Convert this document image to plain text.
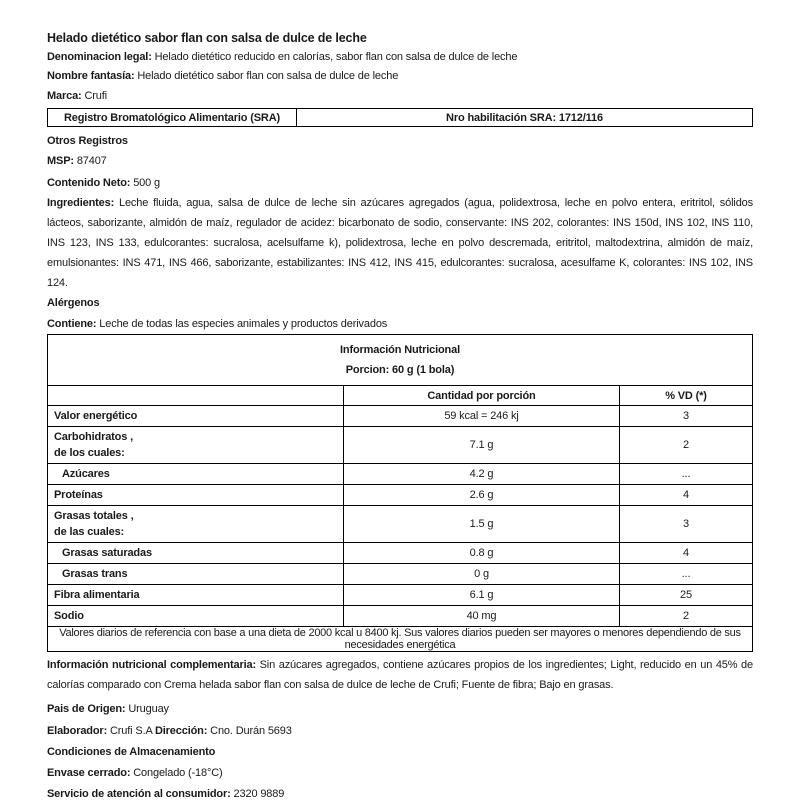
Helado dietético sabor flan con salsa de dulce de leche

Denominacion legal: Helado dietético reducido en calorías, sabor flan con salsa de dulce de leche

Nombre fantasía: Helado dietético sabor flan con salsa de dulce de leche

Marca: Crufi

Registro Bromatológico Alimentario (SRA)	Nro habilitación SRA: 1712/116

Otros Registros

MSP: 87407

Contenido Neto: 500 g

Ingredientes: Leche fluida, agua, salsa de dulce de leche sin azúcares agregados (agua, polidextrosa, leche en polvo entera, eritritol, sólidos lácteos, saborizante, almidón de maíz, regulador de acidez: bicarbonato de sodio, conservante: INS 202, colorantes: INS 150d, INS 102, INS 110, INS 123, INS 133, edulcorantes: sucralosa, acelsulfame k), polidextrosa, leche en polvo descremada, eritritol, maltodextrina, almidón de maíz, emulsionantes: INS 471, INS 466, saborizante, estabilizantes: INS 412, INS 415, edulcorantes: sucralosa, acesulfame K, colorantes: INS 102, INS 124.

Alérgenos

Contiene: Leche de todas las especies animales y productos derivados

Información Nutricional
Porcion: 60 g (1 bola)		

	Cantidad por porción	% VD (*)
Valor energético	59 kcal = 246 kj	3

Carbohidratos ,
de los cuales:	7.1 g	2
Azúcares	4.2 g	...
Proteínas	2.6 g	4

Grasas totales ,
de las cuales:	1.5 g	3
Grasas saturadas	0.8 g	4
Grasas trans	0 g	...
Fibra alimentaria	6.1 g	25
Sodio	40 mg	2
Valores diarios de referencia con base a una dieta de 2000 kcal u 8400 kj. Sus valores diarios pueden ser mayores o menores dependiendo de sus necesidades energética		

Información nutricional complementaria: Sin azúcares agregados, contiene azúcares propios de los ingredientes; Light, reducido en un 45% de calorías comparado con Crema helada sabor flan con salsa de dulce de leche de Crufi; Fuente de fibra; Bajo en grasas.

Pais de Origen: Uruguay

Elaborador: Crufi S.A Dirección: Cno. Durán 5693

Condiciones de Almacenamiento

Envase cerrado: Congelado (-18°C)

Servicio de atención al consumidor: 2320 9889
